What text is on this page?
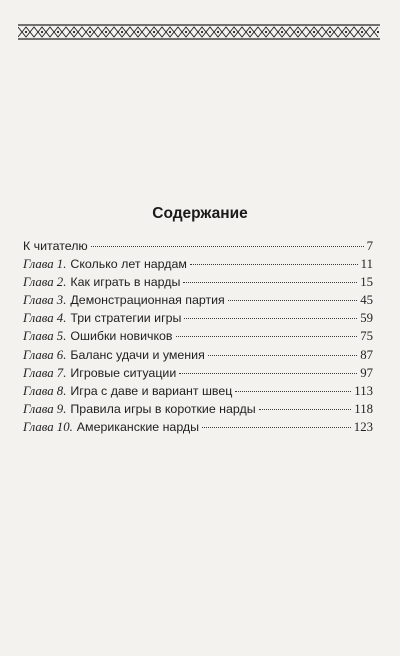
Содержание
К читателю	7
Глава 1. Сколько лет нардам	11
Глава 2. Как играть в нарды	15
Глава 3. Демонстрационная партия	45
Глава 4. Три стратегии игры	59
Глава 5. Ошибки новичков	75
Глава 6. Баланс удачи и умения	87
Глава 7. Игровые ситуации	97
Глава 8. Игра с даве и вариант швец	113
Глава 9. Правила игры в короткие нарды	118
Глава 10. Американские нарды	123
